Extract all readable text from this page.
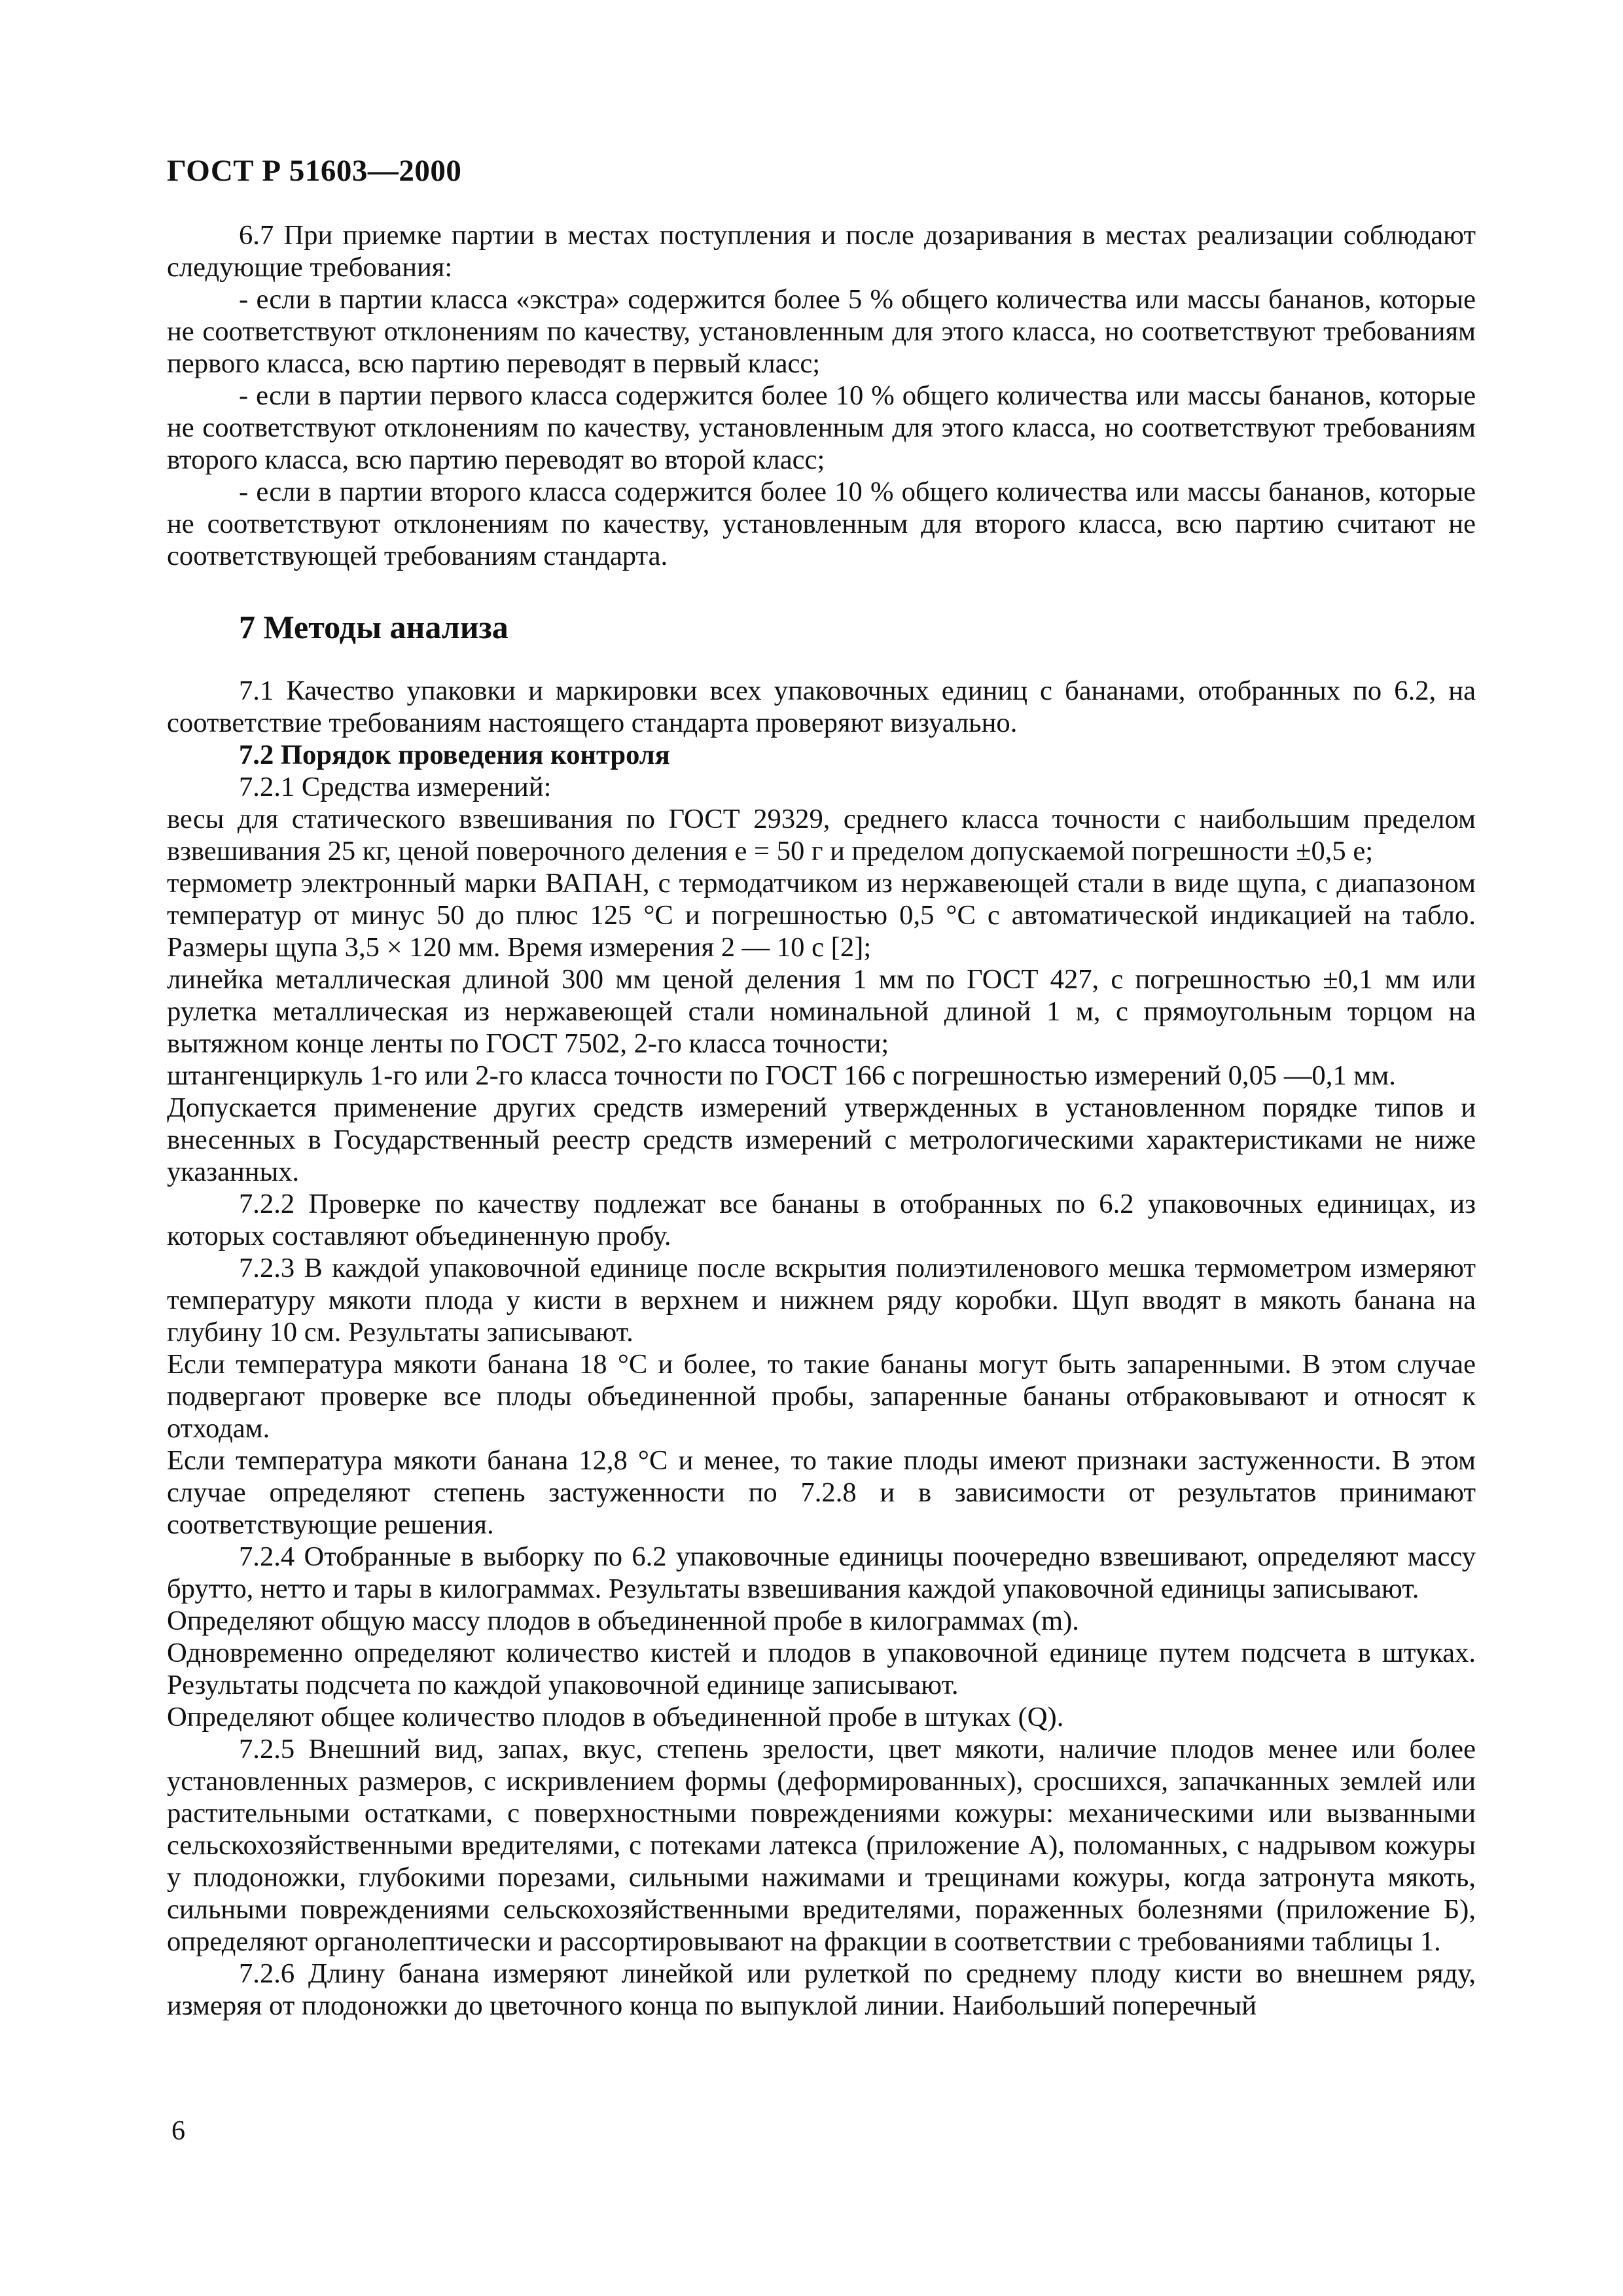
ГОСТ Р 51603—2000

6.7 При приемке партии в местах поступления и после дозаривания в местах реализации соблюдают следующие требования:

- если в партии класса «экстра» содержится более 5 % общего количества или массы бананов, которые не соответствуют отклонениям по качеству, установленным для этого класса, но соответствуют требованиям первого класса, всю партию переводят в первый класс;

- если в партии первого класса содержится более 10 % общего количества или массы бананов, которые не соответствуют отклонениям по качеству, установленным для этого класса, но соответствуют требованиям второго класса, всю партию переводят во второй класс;

- если в партии второго класса содержится более 10 % общего количества или массы бананов, которые не соответствуют отклонениям по качеству, установленным для второго класса, всю партию считают не соответствующей требованиям стандарта.

7 Методы анализа

7.1 Качество упаковки и маркировки всех упаковочных единиц с бананами, отобранных по 6.2, на соответствие требованиям настоящего стандарта проверяют визуально.

7.2 Порядок проведения контроля

7.2.1 Средства измерений:

весы для статического взвешивания по ГОСТ 29329, среднего класса точности с наибольшим пределом взвешивания 25 кг, ценой поверочного деления e = 50 г и пределом допускаемой погрешности ±0,5 e;

термометр электронный марки ВАПАН, с термодатчиком из нержавеющей стали в виде щупа, с диапазоном температур от минус 50 до плюс 125 °С и погрешностью 0,5 °С с автоматической индикацией на табло. Размеры щупа 3,5 × 120 мм. Время измерения 2 — 10 с [2];

линейка металлическая длиной 300 мм ценой деления 1 мм по ГОСТ 427, с погрешностью ±0,1 мм или рулетка металлическая из нержавеющей стали номинальной длиной 1 м, с прямоугольным торцом на вытяжном конце ленты по ГОСТ 7502, 2-го класса точности;

штангенциркуль 1-го или 2-го класса точности по ГОСТ 166 с погрешностью измерений 0,05 —0,1 мм.

Допускается применение других средств измерений утвержденных в установленном порядке типов и внесенных в Государственный реестр средств измерений с метрологическими характеристиками не ниже указанных.

7.2.2 Проверке по качеству подлежат все бананы в отобранных по 6.2 упаковочных единицах, из которых составляют объединенную пробу.

7.2.3 В каждой упаковочной единице после вскрытия полиэтиленового мешка термометром измеряют температуру мякоти плода у кисти в верхнем и нижнем ряду коробки. Щуп вводят в мякоть банана на глубину 10 см. Результаты записывают.

Если температура мякоти банана 18 °С и более, то такие бананы могут быть запаренными. В этом случае подвергают проверке все плоды объединенной пробы, запаренные бананы отбраковывают и относят к отходам.

Если температура мякоти банана 12,8 °С и менее, то такие плоды имеют признаки застуженности. В этом случае определяют степень застуженности по 7.2.8 и в зависимости от результатов принимают соответствующие решения.

7.2.4 Отобранные в выборку по 6.2 упаковочные единицы поочередно взвешивают, определяют массу брутто, нетто и тары в килограммах. Результаты взвешивания каждой упаковочной единицы записывают.

Определяют общую массу плодов в объединенной пробе в килограммах (m).

Одновременно определяют количество кистей и плодов в упаковочной единице путем подсчета в штуках. Результаты подсчета по каждой упаковочной единице записывают.

Определяют общее количество плодов в объединенной пробе в штуках (Q).

7.2.5 Внешний вид, запах, вкус, степень зрелости, цвет мякоти, наличие плодов менее или более установленных размеров, с искривлением формы (деформированных), сросшихся, запачканных землей или растительными остатками, с поверхностными повреждениями кожуры: механическими или вызванными сельскохозяйственными вредителями, с потеками латекса (приложение А), поломанных, с надрывом кожуры у плодоножки, глубокими порезами, сильными нажимами и трещинами кожуры, когда затронута мякоть, сильными повреждениями сельскохозяйственными вредителями, пораженных болезнями (приложение Б), определяют органолептически и рассортировывают на фракции в соответствии с требованиями таблицы 1.

7.2.6 Длину банана измеряют линейкой или рулеткой по среднему плоду кисти во внешнем ряду, измеряя от плодоножки до цветочного конца по выпуклой линии. Наибольший поперечный

6
